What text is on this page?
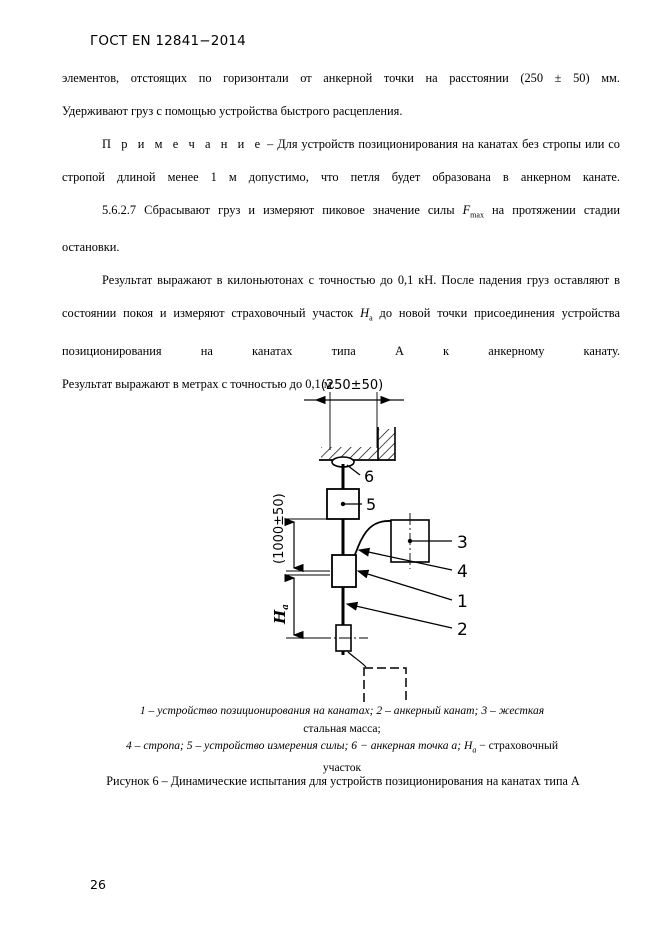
ГОСТ EN 12841−2014

элементов, отстоящих по горизонтали от анкерной точки на расстоянии (250 ± 50) мм.

Удерживают груз с помощью устройства быстрого расцепления.

П р и м е ч а н и е – Для устройств позиционирования на канатах без стропы или со стропой длиной менее 1 м допустимо, что петля будет образована в анкерном канате.

5.6.2.7 Сбрасывают груз и измеряют пиковое значение силы $F_{max}$ на протяжении стадии остановки.

Результат выражают в килоньютонах с точностью до 0,1 кН. После падения груз оставляют в состоянии покоя и измеряют страховочный участок $H_a$ до новой точки присоединения устройства позиционирования на канатах типа А к анкерному канату.

Результат выражают в метрах с точностью до 0,1 м.

(250±50)
6
5
3
4
1
2
(1000±50)
$H_a$

1 – устройство позиционирования на канатах; 2 – анкерный канат; 3 – жесткая

стальная масса;

4 – стропа; 5 – устройство измерения силы; 6 − анкерная точка a; $H_a$ − страховочный

участок

Рисунок 6 – Динамические испытания для устройств позиционирования на канатах типа А
26
